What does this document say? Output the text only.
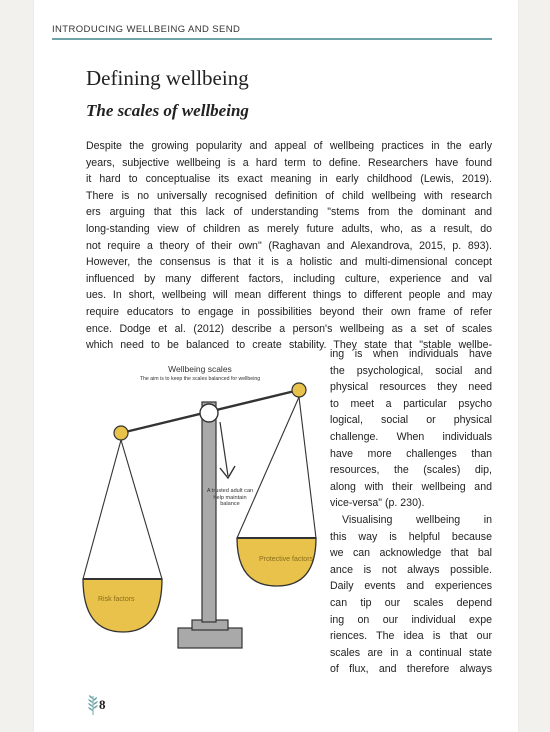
INTRODUCING WELLBEING AND SEND
Defining wellbeing
The scales of wellbeing
Despite the growing popularity and appeal of wellbeing practices in the early
years, subjective wellbeing is a hard term to define. Researchers have found
it hard to conceptualise its exact meaning in early childhood (Lewis, 2019).
There is no universally recognised definition of child wellbeing with research
ers arguing that this lack of understanding "stems from the dominant and
long-standing view of children as merely future adults, who, as a result, do
not require a theory of their own" (Raghavan and Alexandrova, 2015, p. 893).
However, the consensus is that it is a holistic and multi-dimensional concept
influenced by many different factors, including culture, experience and val
ues. In short, wellbeing will mean different things to different people and may
require educators to engage in possibilities beyond their own frame of refer
ence. Dodge et al. (2012) describe a person's wellbeing as a set of scales
which need to be balanced to create stability. They state that "stable wellbe-
ing is when individuals have
the psychological, social and
physical resources they need
to meet a particular psycho
logical, social or physical
challenge. When individuals
have more challenges than
resources, the (scales) dip,
along with their wellbeing and
vice-versa" (p. 230).
Visualising wellbeing in
this way is helpful because
we can acknowledge that bal
ance is not always possible.
Daily events and experiences
can tip our scales depend
ing on our individual expe
riences. The idea is that our
scales are in a continual state
of flux, and therefore always
Wellbeing scales
The aim is to keep the scales balanced for wellbeing
A trusted adult can help maintain balance
Protective factors
Risk factors
8
